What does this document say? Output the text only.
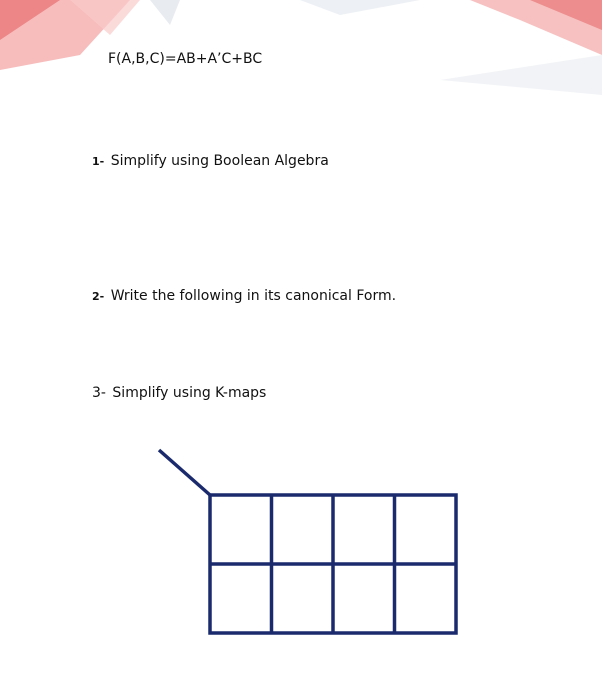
F(A,B,C)=AB+A’C+BC
1- Simplify using Boolean Algebra
2- Write the following in its canonical Form.
3- Simplify using K-maps
